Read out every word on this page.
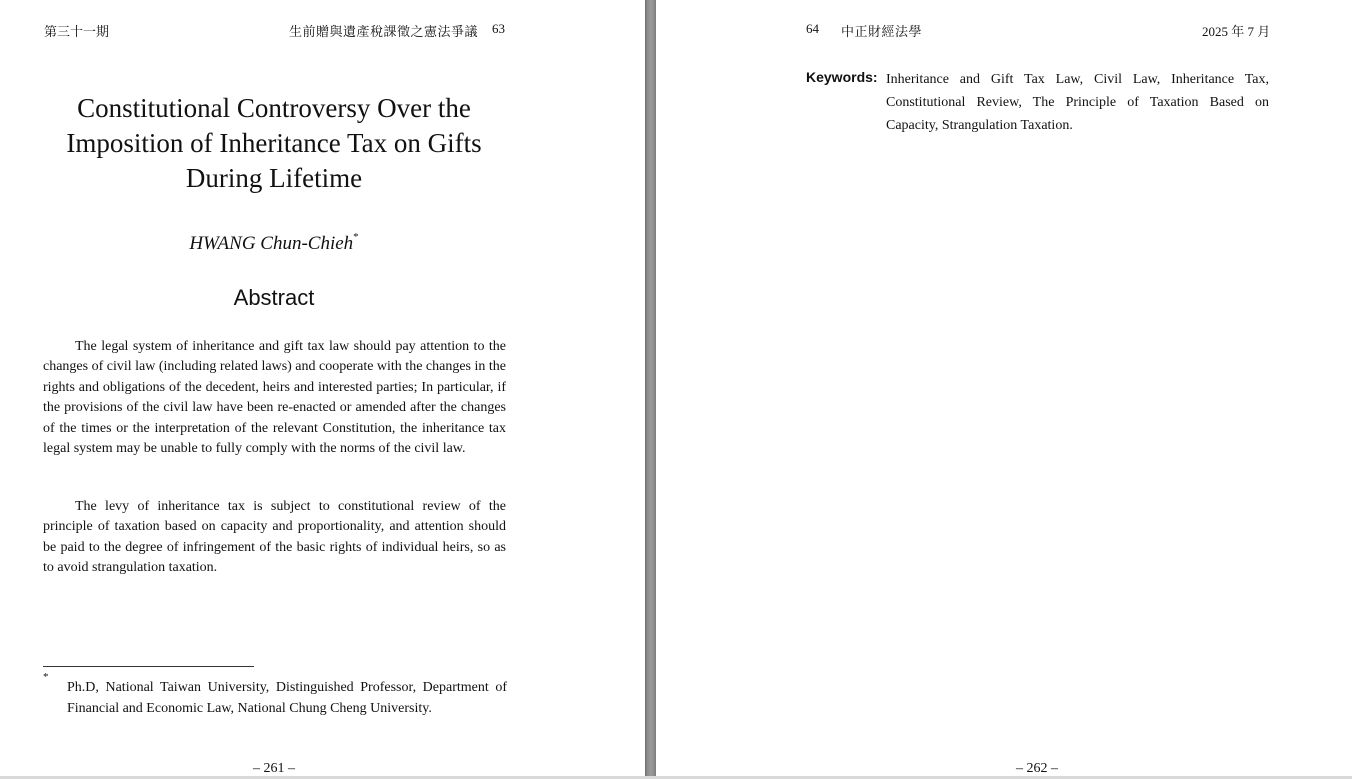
第三十一期	生前贈與遺產稅課徵之憲法爭議 63
Constitutional Controversy Over the Imposition of Inheritance Tax on Gifts During Lifetime
HWANG Chun-Chieh*
Abstract

The legal system of inheritance and gift tax law should pay attention to the changes of civil law (including related laws) and cooperate with the changes in the rights and obligations of the decedent, heirs and interested parties; In particular, if the provisions of the civil law have been re-enacted or amended after the changes of the times or the interpretation of the relevant Constitution, the inheritance tax legal system may be unable to fully comply with the norms of the civil law.

The levy of inheritance tax is subject to constitutional review of the principle of taxation based on capacity and proportionality, and attention should be paid to the degree of infringement of the basic rights of individual heirs, so as to avoid strangulation taxation.

*

Ph.D, National Taiwan University, Distinguished Professor, Department of Financial and Economic Law, National Chung Cheng University.

– 261 –
64 中正財經法學	2025 年 7 月
Keywords: Inheritance and Gift Tax Law, Civil Law, Inheritance Tax, Constitutional Review, The Principle of Taxation Based on Capacity, Strangulation Taxation.

– 262 –
